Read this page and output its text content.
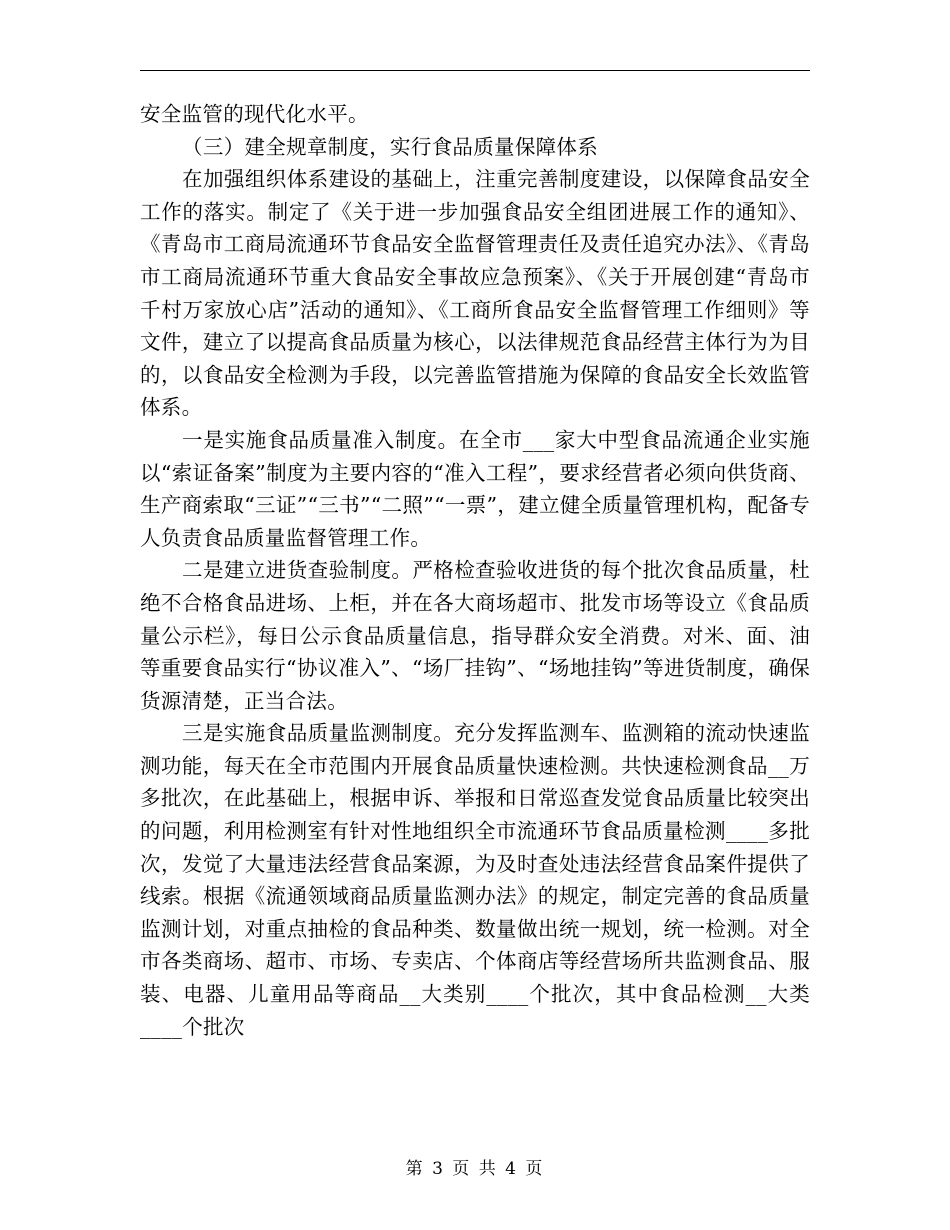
安全监管的现代化水平。

（三）建全规章制度，实行食品质量保障体系

在加强组织体系建设的基础上，注重完善制度建设，以保障食品安全工作的落实。制定了《关于进一步加强食品安全组团进展工作的通知》、《青岛市工商局流通环节食品安全监督管理责任及责任追究办法》、《青岛市工商局流通环节重大食品安全事故应急预案》、《关于开展创建“青岛市千村万家放心店”活动的通知》、《工商所食品安全监督管理工作细则》等文件，建立了以提高食品质量为核心，以法律规范食品经营主体行为为目的，以食品安全检测为手段，以完善监管措施为保障的食品安全长效监管体系。

一是实施食品质量准入制度。在全市___家大中型食品流通企业实施以“索证备案”制度为主要内容的“准入工程”，要求经营者必须向供货商、生产商索取“三证”“三书”“二照”“一票”，建立健全质量管理机构，配备专人负责食品质量监督管理工作。

二是建立进货查验制度。严格检查验收进货的每个批次食品质量，杜绝不合格食品进场、上柜，并在各大商场超市、批发市场等设立《食品质量公示栏》，每日公示食品质量信息，指导群众安全消费。对米、面、油等重要食品实行“协议准入”、“场厂挂钩”、“场地挂钩”等进货制度，确保货源清楚，正当合法。

三是实施食品质量监测制度。充分发挥监测车、监测箱的流动快速监测功能，每天在全市范围内开展食品质量快速检测。共快速检测食品__万多批次，在此基础上，根据申诉、举报和日常巡查发觉食品质量比较突出的问题，利用检测室有针对性地组织全市流通环节食品质量检测____多批次，发觉了大量违法经营食品案源，为及时查处违法经营食品案件提供了线索。根据《流通领域商品质量监测办法》的规定，制定完善的食品质量监测计划，对重点抽检的食品种类、数量做出统一规划，统一检测。对全市各类商场、超市、市场、专卖店、个体商店等经营场所共监测食品、服装、电器、儿童用品等商品__大类别____个批次，其中食品检测__大类____个批次

第 3 页 共 4 页
